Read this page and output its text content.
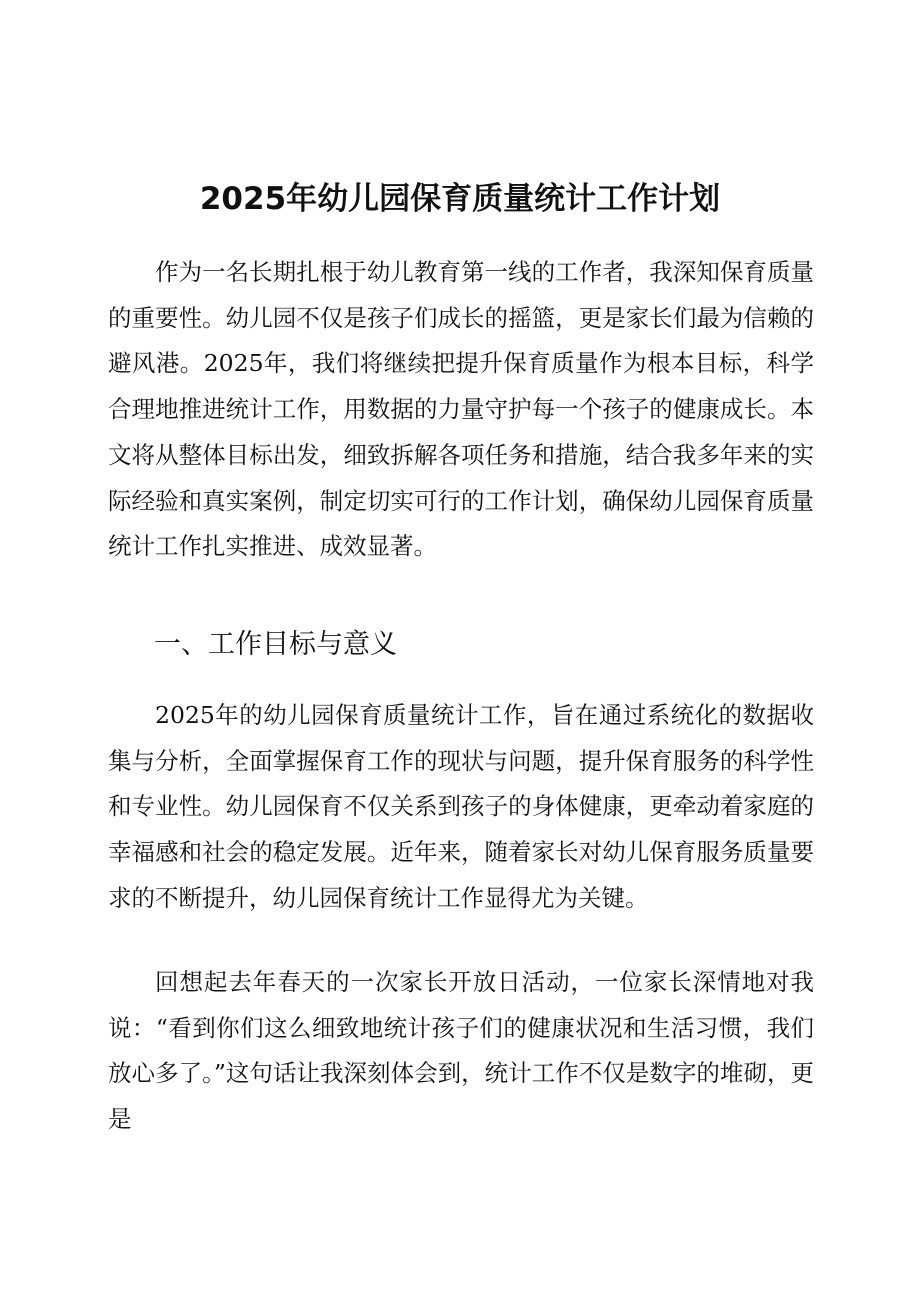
2025年幼儿园保育质量统计工作计划

作为一名长期扎根于幼儿教育第一线的工作者，我深知保育质量的重要性。幼儿园不仅是孩子们成长的摇篮，更是家长们最为信赖的避风港。2025年，我们将继续把提升保育质量作为根本目标，科学合理地推进统计工作，用数据的力量守护每一个孩子的健康成长。本文将从整体目标出发，细致拆解各项任务和措施，结合我多年来的实际经验和真实案例，制定切实可行的工作计划，确保幼儿园保育质量统计工作扎实推进、成效显著。

一、工作目标与意义

2025年的幼儿园保育质量统计工作，旨在通过系统化的数据收集与分析，全面掌握保育工作的现状与问题，提升保育服务的科学性和专业性。幼儿园保育不仅关系到孩子的身体健康，更牵动着家庭的幸福感和社会的稳定发展。近年来，随着家长对幼儿保育服务质量要求的不断提升，幼儿园保育统计工作显得尤为关键。

回想起去年春天的一次家长开放日活动，一位家长深情地对我说：“看到你们这么细致地统计孩子们的健康状况和生活习惯，我们放心多了。”这句话让我深刻体会到，统计工作不仅是数字的堆砌，更是
